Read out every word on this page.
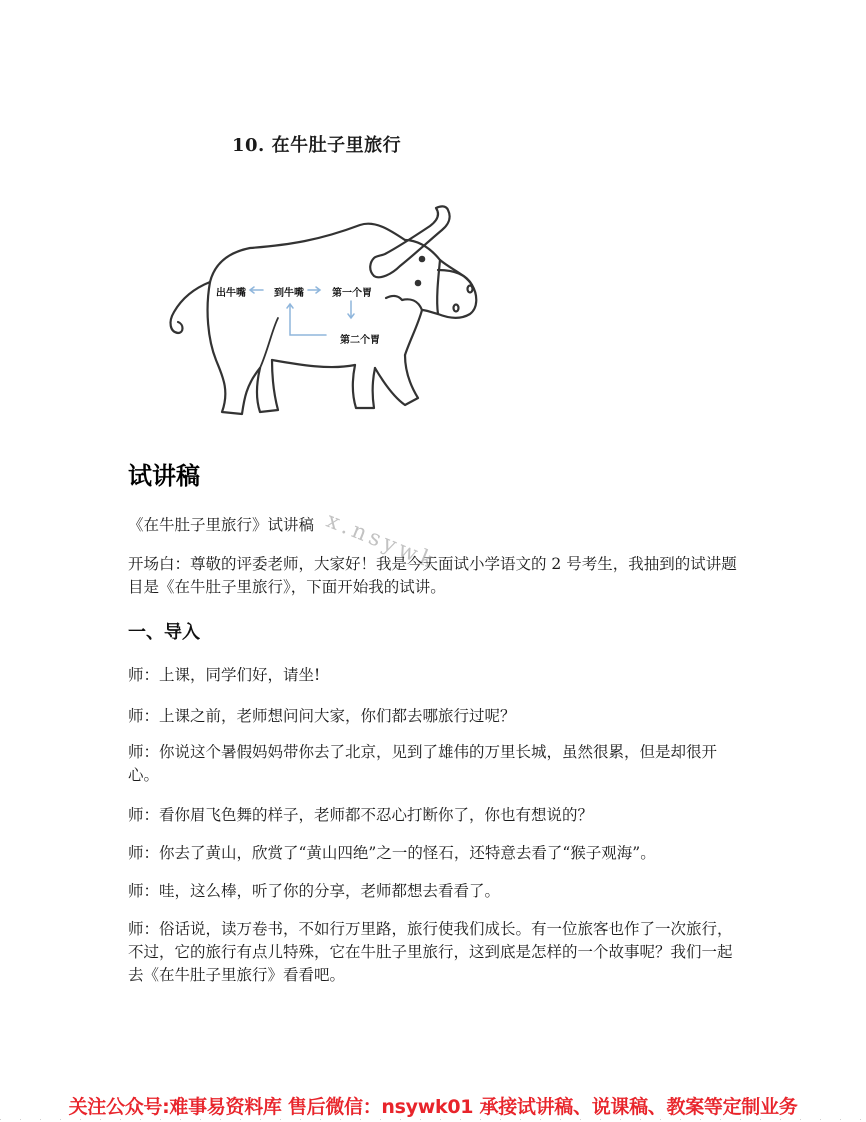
10. 在牛肚子里旅行
出牛嘴	到牛嘴	第一个胃
第二个胃
试讲稿
《在牛肚子里旅行》试讲稿 x.nsywk
开场白：尊敬的评委老师，大家好！我是今天面试小学语文的 2 号考生，我抽到的试讲题目是《在牛肚子里旅行》，下面开始我的试讲。
一、导入
师：上课，同学们好，请坐!
师：上课之前，老师想问问大家，你们都去哪旅行过呢？
师：你说这个暑假妈妈带你去了北京，见到了雄伟的万里长城，虽然很累，但是却很开心。
师：看你眉飞色舞的样子，老师都不忍心打断你了，你也有想说的？
师：你去了黄山，欣赏了“黄山四绝”之一的怪石，还特意去看了“猴子观海”。
师：哇，这么棒，听了你的分享，老师都想去看看了。
师：俗话说，读万卷书，不如行万里路，旅行使我们成长。有一位旅客也作了一次旅行，不过，它的旅行有点儿特殊，它在牛肚子里旅行，这到底是怎样的一个故事呢？我们一起去《在牛肚子里旅行》看看吧。
关注公众号:难事易资料库 售后微信：nsywk01 承接试讲稿、说课稿、教案等定制业务
